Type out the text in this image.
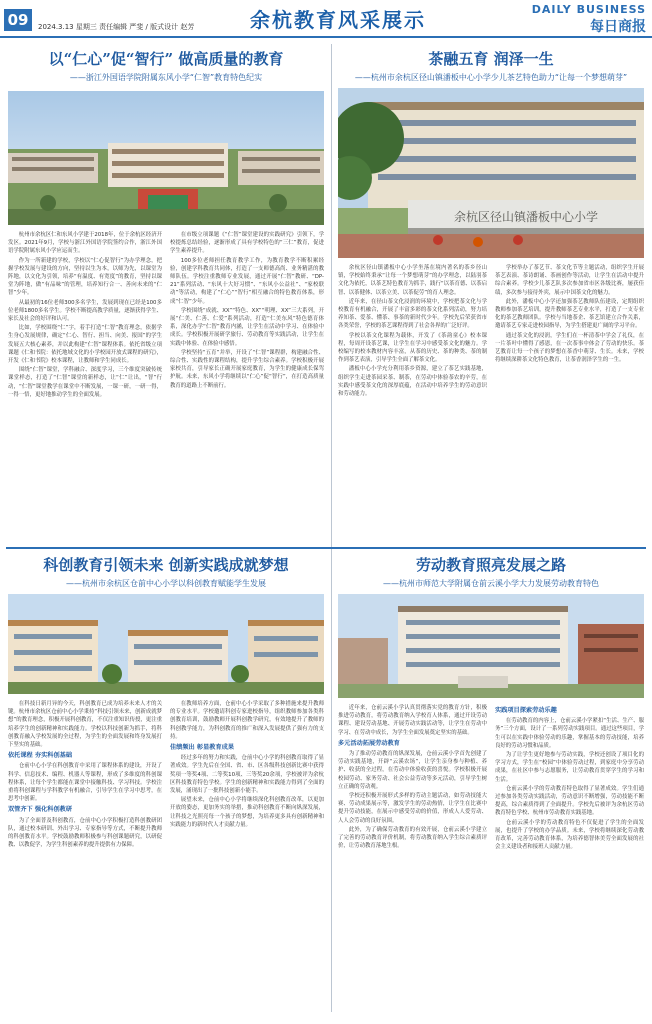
09	2024.3.13 星期三 责任编辑 严斐 / 版式设计 赵芳	余杭教育风采展示	DAILY BUSINESS
每日商报
以“仁心”促“智行” 做高质量的教育
——浙江外国语学院附属东风小学“仁智”教育特色纪实

杭州市余杭区仁和东风小学建于2018年，位于余杭区经济开发区。2021年9月，学校与浙江外国语学院签约合作，浙江外国语学院附属东风小学应运而生。

作为一所新建的学校，学校以“仁心促智行”为办学理念，把握学校发展与建设的方向，坚持以生为本，以师为先，以课堂为阵地，以文化为引领，培养“有温度、有宽度”的教育，坚持以课堂为阵地，做“有品味”的管理，培养知行合一、善向未来的“仁智”少年。

从最初的16位老师300多名学生，发展到现在已经是100多位老师1800多名学生。学校不断提高教学质量，逐渐获得学生、家长及社会的好评和认可。

比如，学校围绕“仁”字，着手打造“仁智”教育理念，依据学生身心发展规律，确定“仁心、智行、担当、向美、报国”的学生发展五大核心素养，并以此构建“仁智”课程体系。依托省级立项课题《仁和书院：依托地域文化的小学校园开放式课程的研究》，开发《仁和书院》校本课程，让教师和学生同成长。

围绕“仁智”课堂，学科融合、深度学习，三个维度突破传统课堂样态，打造了“仁智”课堂的新样态，让“仁”让出，“智”行动，“仁智”课堂教学在课堂中不断发展，一课一研，一研一得，一得一悟，更好地推动学生的全面发展。

在市级立项课题《“仁智”课堂建设的实践研究》引领下，学校提炼总结经验，逐渐形成了具有学校特色的“三仁”教育，促进学生素养提升。

100多位老师担任教育教学工作，为教育教学不断积累经验，创建学科教育共同体，打造了一支师德高尚、业务精湛的教师队伍。学校注重教师专业发展，通过开展“仁智”教研、“DP-21”系列活动、“东风十大好习惯”、“东风小公益社”、“家校联动”等活动，构建了“仁心”“智行”相互融合的特色教育体系，形成“仁智”少年。

学校围绕“成就、XX”“特色、XX”“明理、XX”三大系列，开展“仁美、仁善、仁爱”系列活动，打造“仁美东风”特色德育体系，深化办学“仁智”教育内涵，让学生在活动中学习、在体验中成长。学校积极开展研学旅行、劳动教育等实践活动，让学生在实践中体验、在体验中感悟。

学校坚持“五育”并举，开设了“仁智”课程群，构建融合性、综合性、实践性的课程结构，提升学生综合素养。学校积极开展家校共育，引导家长正确开展家庭教育，为学生的健康成长保驾护航。未来，东风小学将继续以“仁心”促“智行”，在打造高质量教育的道路上不断前行。

茶融五育 润泽一生
——杭州市余杭区径山镇潘板中心小学少儿茶艺特色助力“让每一个梦想萌芽”
余杭区径山镇潘板中心小学

余杭区径山镇潘板中心小学坐落在境内著名的茶乡径山镇，学校始终秉承“让每一个梦想萌芽”的办学理念，以陆羽茶文化为依托，以茶艺特色教育为抓手，践行“以茶育德、以茶启智、以茶健体、以茶立美、以茶促劳”的育人理念。

近年来，在径山茶文化浸润的环境中，学校把茶文化与学校教育有机融合，开展了丰富多彩的茶文化系列活动，努力培养知茶、爱茶、懂茶、事茶的新时代少年。学校先后荣获省市各类荣誉，学校的茶艺课程得到了社会各界的广泛好评。

学校以茶文化课程为载体，开发了《茶韵童心》校本课程，每周开设茶艺课，让学生在学习中感受茶文化的魅力。学校编写的校本教材内容丰富，从茶的历史、茶的种类、茶的制作到茶艺表演，引导学生全面了解茶文化。

潘板中心小学充分利用茶乡资源，建立了茶艺实践基地，组织学生走进茶园采茶、制茶，在劳动中体验茶农的辛劳，在实践中感受茶文化的深厚底蕴，在活动中培养学生的劳动意识和劳动能力。

学校举办了茶艺节、茶文化节等主题活动，组织学生开展茶艺表演、茶诗朗诵、茶画创作等活动，让学生在活动中提升综合素养。学校少儿茶艺队多次参加省市区各级比赛，屡获佳绩，多次参与接待外宾，展示中国茶文化的魅力。

此外，潘板中心小学还加强茶艺教师队伍建设，定期组织教师参加茶艺培训，提升教师茶艺专业水平，打造了一支专业化的茶艺教师团队。学校与当地茶企、茶艺馆建立合作关系，邀请茶艺专家走进校园指导，为学生搭建更广阔的学习平台。

通过茶文化的浸润，学生们在一杯清茶中学会了礼仪，在一片茶叶中懂得了感恩，在一次茶事中体会了劳动的快乐。茶艺教育让每一个孩子的梦想在茶香中萌芽、生长。未来，学校将继续深耕茶文化特色教育，让茶香润泽学生的一生。

科创教育引领未来 创新实践成就梦想
——杭州市余杭区仓前中心小学以科创教育赋能学生发展

在科技日新月异的今天，科创教育已成为培养未来人才的关键。杭州市余杭区仓前中心小学秉持“科技引领未来，创新成就梦想”的教育理念，积极开展科创教育，不仅注重知识传授，更注重培养学生的创新精神和实践能力。学校以科技创新为抓手，将科创教育融入学校发展的全过程，为学生的全面发展和终身发展打下坚实的基础。

依托课程 夯实科创基础

仓前中心小学在科创教育中采用了课程体系的建设，开设了科学、信息技术、编程、机器人等课程，形成了多维度的科创课程体系，让每个学生都能在课堂中接触科技、学习科技。学校注重将科创课程与学科教学有机融合，引导学生在学习中思考，在思考中创新。

双管齐下 强化科创教研

为了全面普及科创教育，仓前中心小学积极打造科创教研团队，通过校本研训、外出学习、专家指导等方式，不断提升教师的科创教育水平。学校鼓励教师积极参与科创课题研究，以研促教、以教促学，为学生科创素养的提升提供有力保障。

在教师培养方面，仓前中心小学采取了多种措施来提升教师的专业水平。学校邀请科创专家进校指导，组织教师参加各类科创教育培训，鼓励教师开展科创教学研究，有效地提升了教师的科创教学能力，为科创教育的推广和深入发展提供了强有力的支持。

佳绩频出 彰显教育成果

经过多年的努力和实践，仓前中心小学的科创教育取得了显著成效。学生先后在全国、省、市、区各级科技创新比赛中获得奖项一等奖4项、二等奖10项、三等奖20余项，学校被评为余杭区科技教育特色学校。学生的创新精神和实践能力得到了全面的发展，涌现出了一批科技创新小能手。

展望未来，仓前中心小学将继续深化科创教育改革，以更加开放的姿态，更加务实的举措，推动科创教育不断向纵深发展，让科技之光照亮每一个孩子的梦想，为培养更多具有创新精神和实践能力的新时代人才贡献力量。

劳动教育照亮发展之路
——杭州市师范大学附属仓前云溪小学大力发展劳动教育特色

近年来，仓前云溪小学认真贯彻落实党的教育方针，积极推进劳动教育，将劳动教育纳入学校育人体系，通过开设劳动课程、建设劳动基地、开展劳动实践活动等，让学生在劳动中学习、在劳动中成长，为学生全面发展奠定坚实的基础。

多元活动拓展劳动教育

为了推动劳动教育的纵深发展，仓前云溪小学首先创建了劳动实践基地，开辟“云溪农场”，让学生亲身参与种植、养护、收获的全过程，在劳动中体验收获的喜悦。学校积极开展校园劳动、家务劳动、社会公益劳动等多元活动，引导学生树立正确的劳动观。

学校还积极开展形式多样的劳动主题活动，如劳动技能大赛、劳动成果展示等，激发学生的劳动热情，让学生在比赛中提升劳动技能，在展示中感受劳动的价值，形成人人爱劳动、人人会劳动的良好氛围。

此外，为了确保劳动教育的有效开展，仓前云溪小学建立了完善的劳动教育评价机制，将劳动教育纳入学生综合素质评价，让劳动教育落地生根。

实践项目探索劳动乐趣

在劳动教育的内容上，仓前云溪小学紧扣“生活、生产、服务”三个方面，设计了一系列劳动实践项目。通过这些项目，学生可以在实践中体验劳动的乐趣，掌握基本的劳动技能，培养良好的劳动习惯和品质。

为了让学生更好地参与劳动实践，学校还创设了项目化的学习方式，学生在“校园”中体验劳动过程，到家庭中分享劳动成果，在社区中参与志愿服务，让劳动教育贯穿学生的学习和生活。

仓前云溪小学的劳动教育特色取得了显著成效。学生们通过参加各类劳动实践活动，劳动意识不断增强，劳动技能不断提高，综合素质得到了全面提升。学校先后被评为余杭区劳动教育特色学校、杭州市劳动教育实践基地。

仓前云溪小学的劳动教育特色不仅促进了学生的全面发展，也提升了学校的办学品质。未来，学校将继续深化劳动教育改革，完善劳动教育体系，为培养德智体美劳全面发展的社会主义建设者和接班人贡献力量。
